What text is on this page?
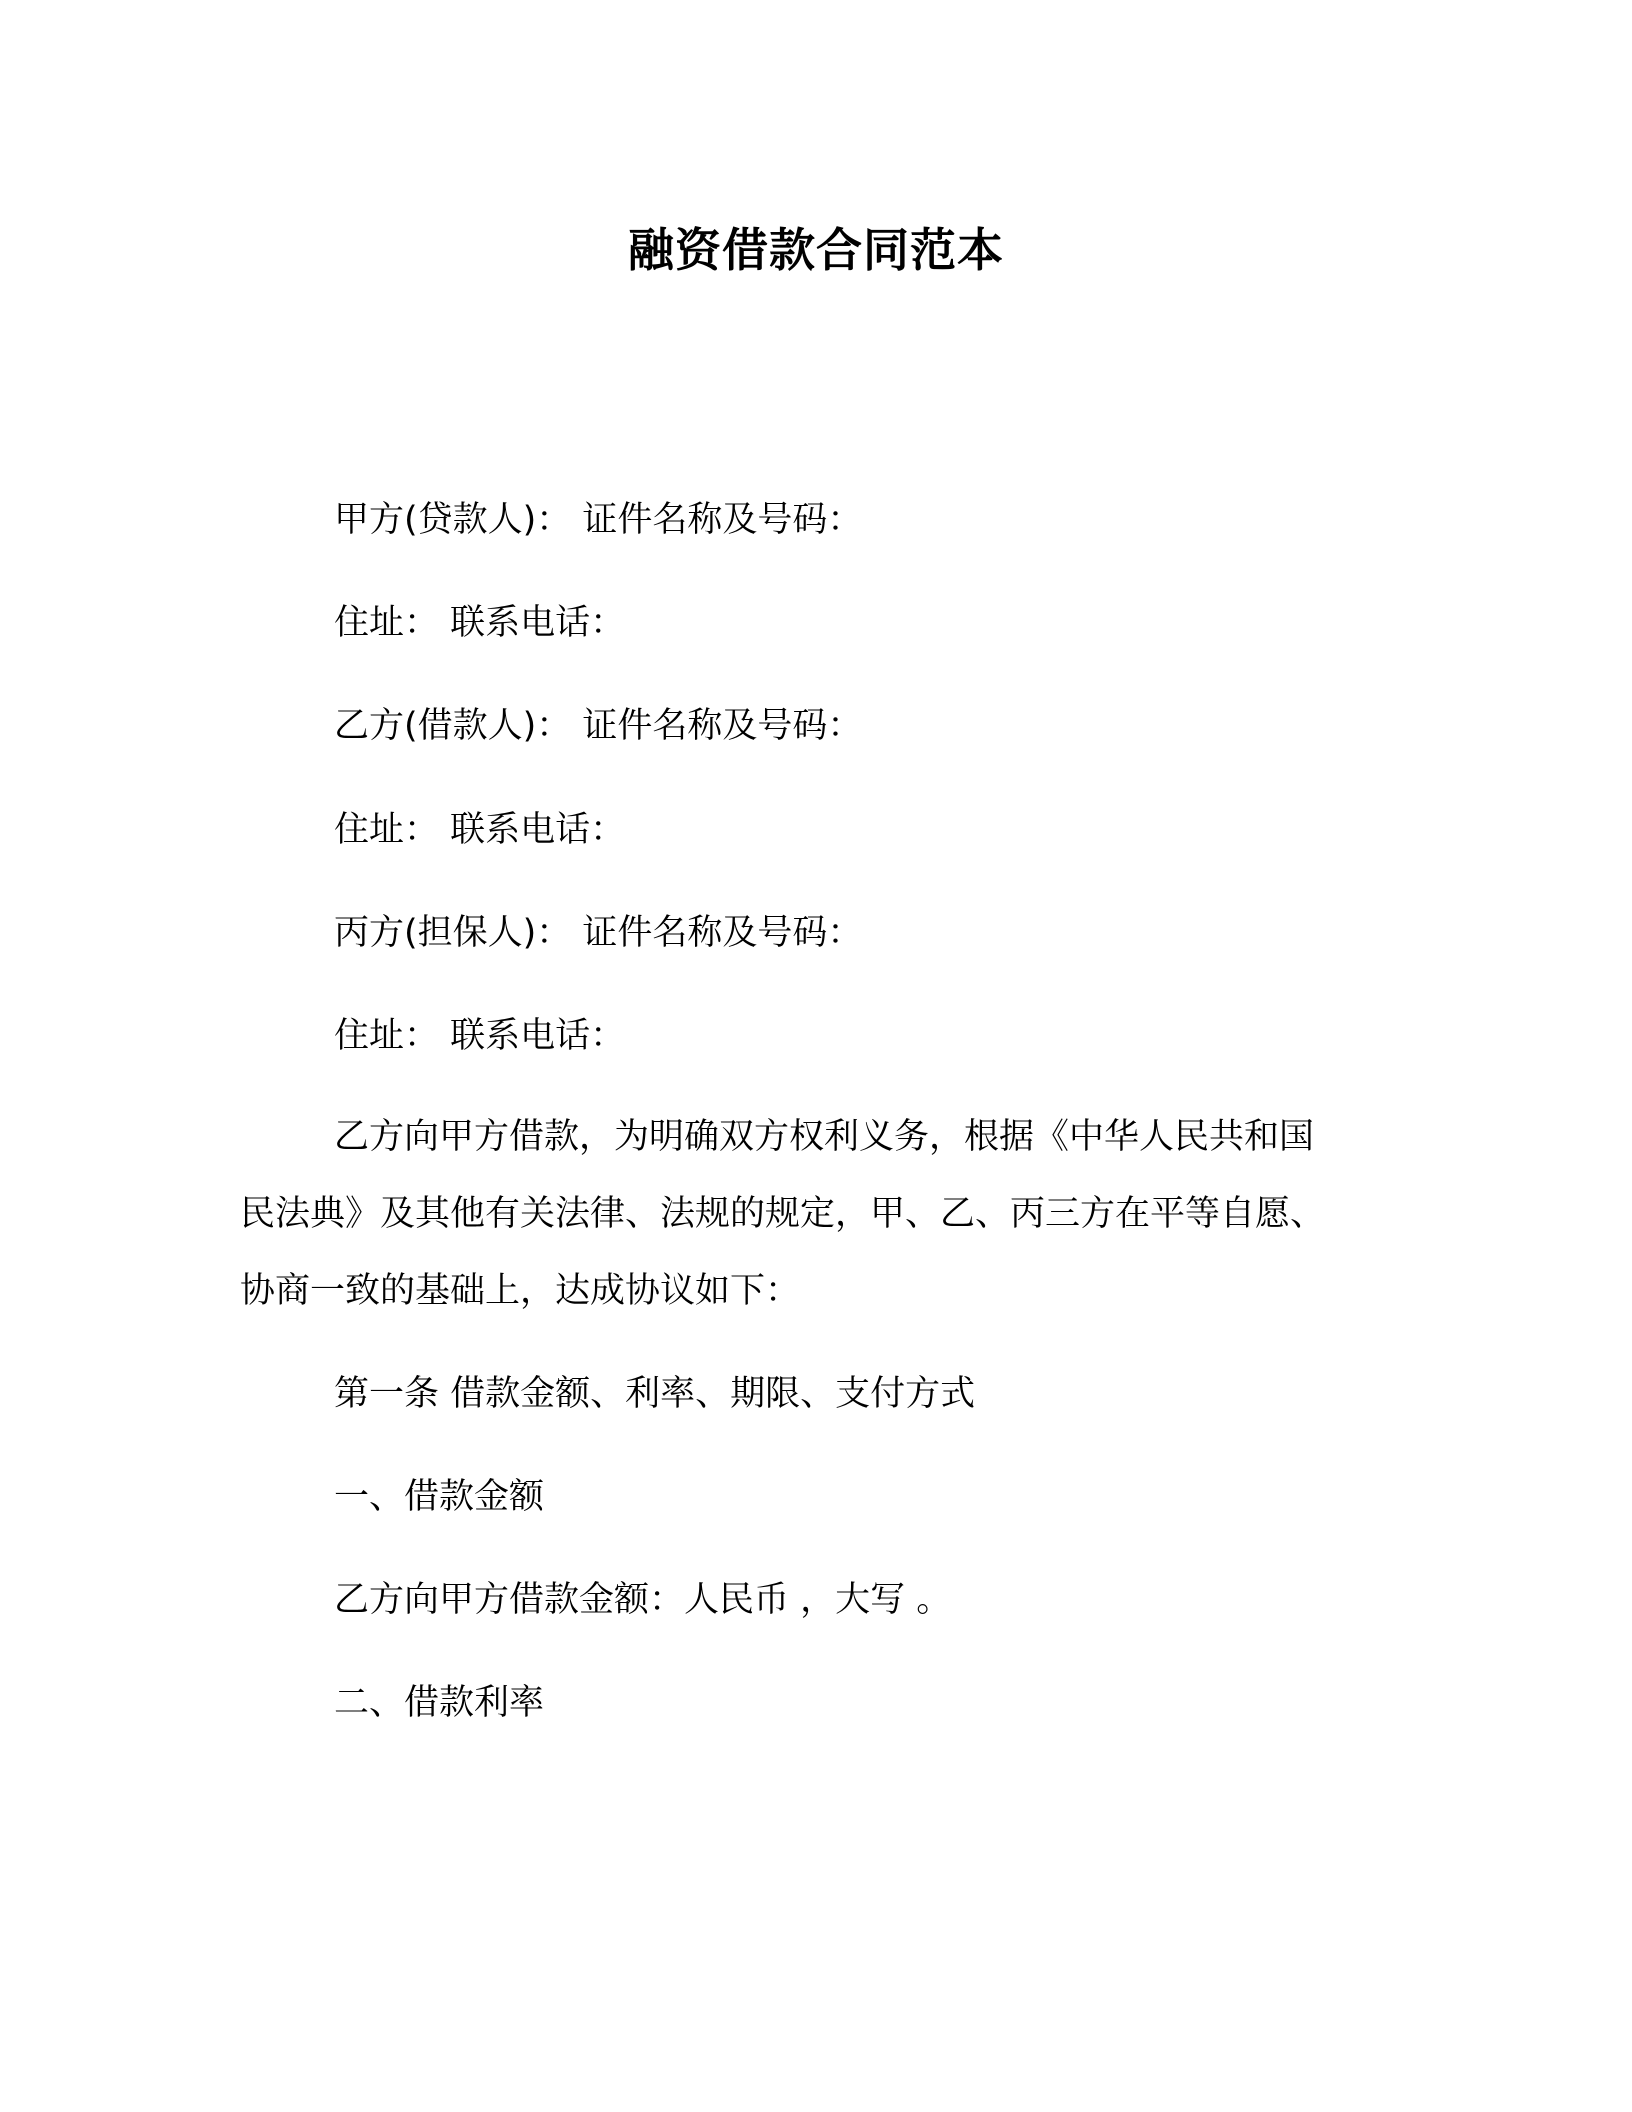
融资借款合同范本
甲方(贷款人)： 证件名称及号码：
住址： 联系电话：
乙方(借款人)： 证件名称及号码：
住址： 联系电话：
丙方(担保人)： 证件名称及号码：
住址： 联系电话：
乙方向甲方借款，为明确双方权利义务，根据《中华人民共和国
民法典》及其他有关法律、法规的规定，甲、乙、丙三方在平等自愿、
协商一致的基础上，达成协议如下：
第一条 借款金额、利率、期限、支付方式
一、借款金额
乙方向甲方借款金额：人民币 ，大写 。
二、借款利率
